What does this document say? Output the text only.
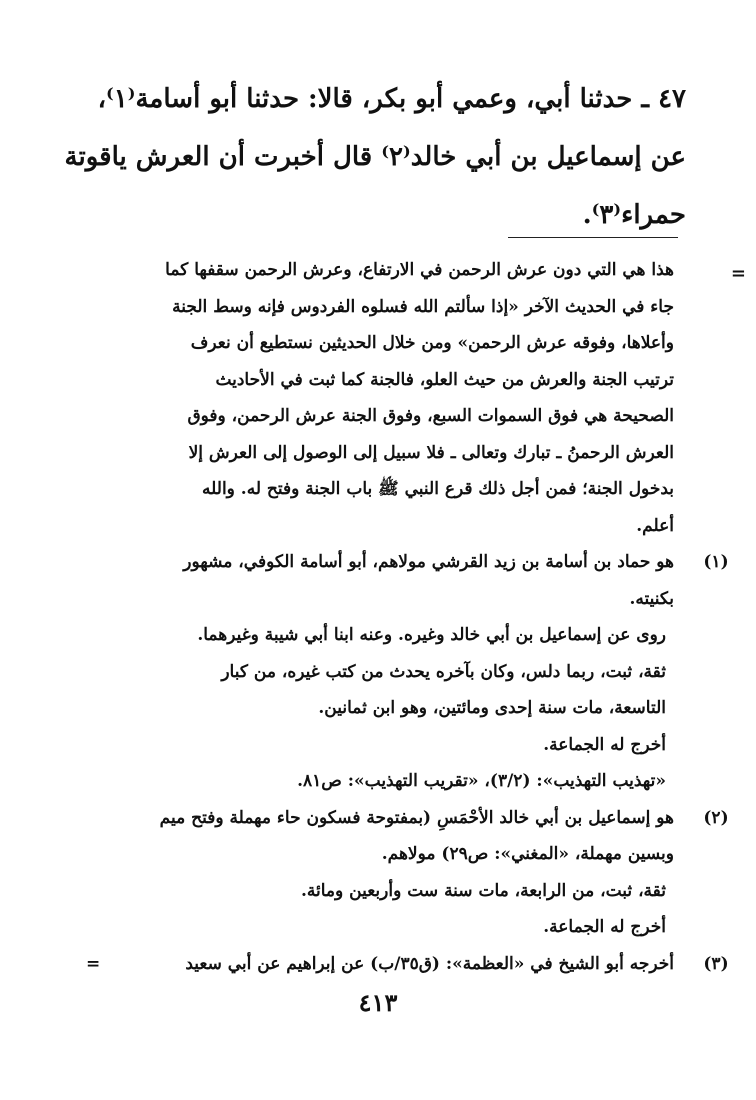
٤٧ ـ حدثنا أبي، وعمي أبو بكر، قالا: حدثنا أبو أسامة⁽١⁾،
عن إسماعيل بن أبي خالد⁽٢⁾ قال أخبرت أن العرش ياقوتة
حمراء⁽٣⁾.
=
هذا هي التي دون عرش الرحمن في الارتفاع، وعرش الرحمن سقفها كما
جاء في الحديث الآخر «إذا سألتم الله فسلوه الفردوس فإنه وسط الجنة
وأعلاها، وفوقه عرش الرحمن» ومن خلال الحديثين نستطيع أن نعرف
ترتيب الجنة والعرش من حيث العلو، فالجنة كما ثبت في الأحاديث
الصحيحة هي فوق السموات السبع، وفوق الجنة عرش الرحمن، وفوق
العرش الرحمنُ ـ تبارك وتعالى ـ فلا سبيل إلى الوصول إلى العرش إلا
بدخول الجنة؛ فمن أجل ذلك قرع النبي ﷺ باب الجنة وفتح له. والله
أعلم.
(١)
هو حماد بن أسامة بن زيد القرشي مولاهم، أبو أسامة الكوفي، مشهور
بكنيته.
روى عن إسماعيل بن أبي خالد وغيره. وعنه ابنا أبي شيبة وغيرهما.
ثقة، ثبت، ربما دلس، وكان بآخره يحدث من كتب غيره، من كبار
التاسعة، مات سنة إحدى ومائتين، وهو ابن ثمانين.
أخرج له الجماعة.
«تهذيب التهذيب»: (٣/٢)، «تقريب التهذيب»: ص٨١.
(٢)
هو إسماعيل بن أبي خالد الأحْمَسِ (بمفتوحة فسكون حاء مهملة وفتح ميم
وبسين مهملة، «المغني»: ص٢٩) مولاهم.
ثقة، ثبت، من الرابعة، مات سنة ست وأربعين ومائة.
أخرج له الجماعة.
(٣)
أخرجه أبو الشيخ في «العظمة»: (ق٣٥/ب) عن إبراهيم عن أبي سعيد
=
٤١٣
